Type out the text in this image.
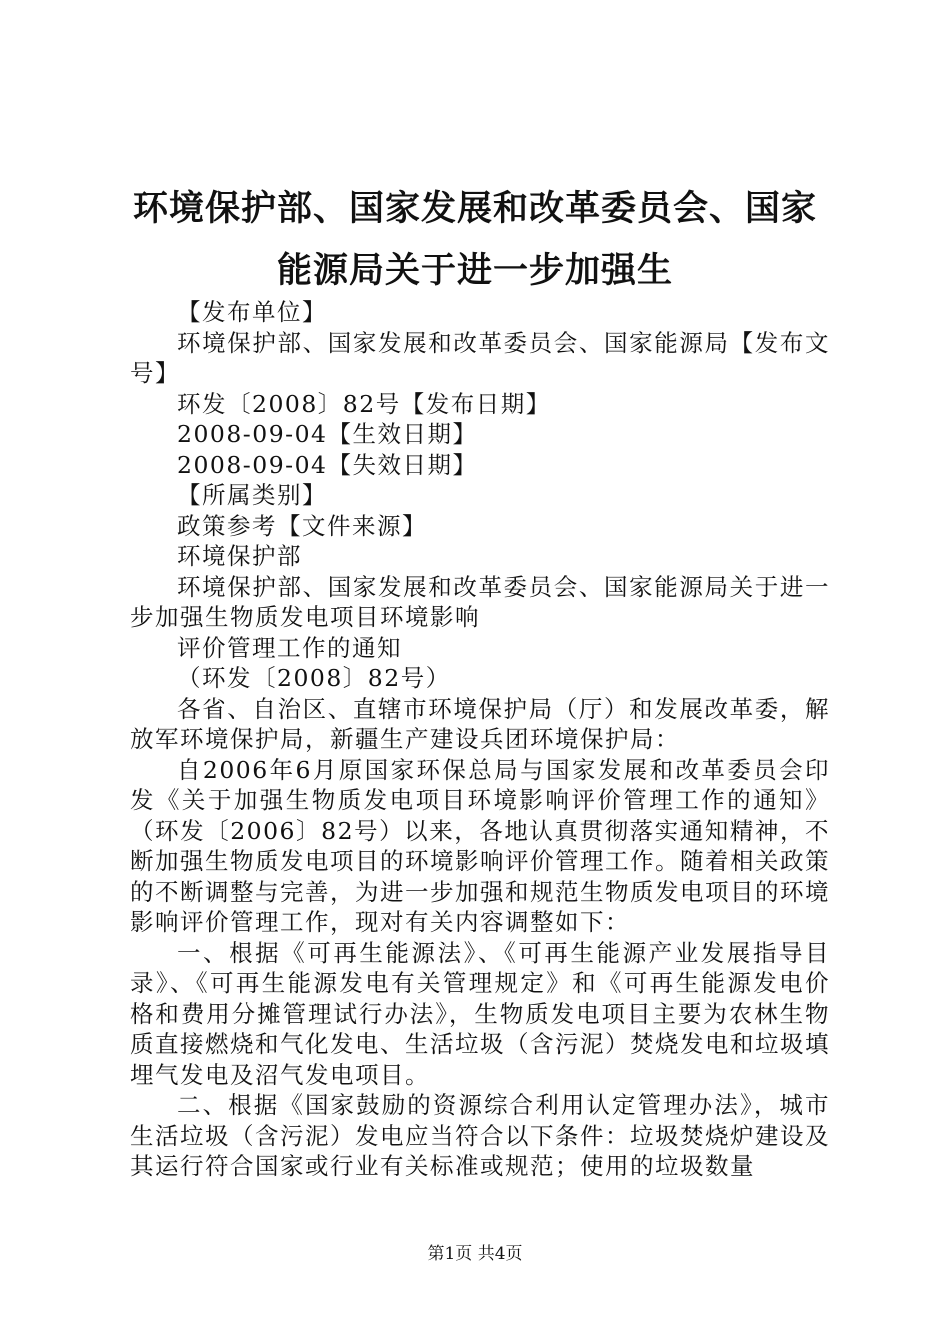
环境保护部、国家发展和改革委员会、国家能源局关于进一步加强生

【发布单位】

环境保护部、国家发展和改革委员会、国家能源局【发布文号】

环发〔2008〕82号【发布日期】

2008-09-04【生效日期】

2008-09-04【失效日期】

【所属类别】

政策参考【文件来源】

环境保护部

环境保护部、国家发展和改革委员会、国家能源局关于进一步加强生物质发电项目环境影响

评价管理工作的通知

（环发〔2008〕82号）

各省、自治区、直辖市环境保护局（厅）和发展改革委，解放军环境保护局，新疆生产建设兵团环境保护局：

自2006年6月原国家环保总局与国家发展和改革委员会印发《关于加强生物质发电项目环境影响评价管理工作的通知》（环发〔2006〕82号）以来，各地认真贯彻落实通知精神，不断加强生物质发电项目的环境影响评价管理工作。随着相关政策的不断调整与完善，为进一步加强和规范生物质发电项目的环境影响评价管理工作，现对有关内容调整如下：

一、根据《可再生能源法》、《可再生能源产业发展指导目录》、《可再生能源发电有关管理规定》和《可再生能源发电价格和费用分摊管理试行办法》，生物质发电项目主要为农林生物质直接燃烧和气化发电、生活垃圾（含污泥）焚烧发电和垃圾填埋气发电及沼气发电项目。

二、根据《国家鼓励的资源综合利用认定管理办法》，城市生活垃圾（含污泥）发电应当符合以下条件：垃圾焚烧炉建设及其运行符合国家或行业有关标准或规范；使用的垃圾数量

第1页 共4页
